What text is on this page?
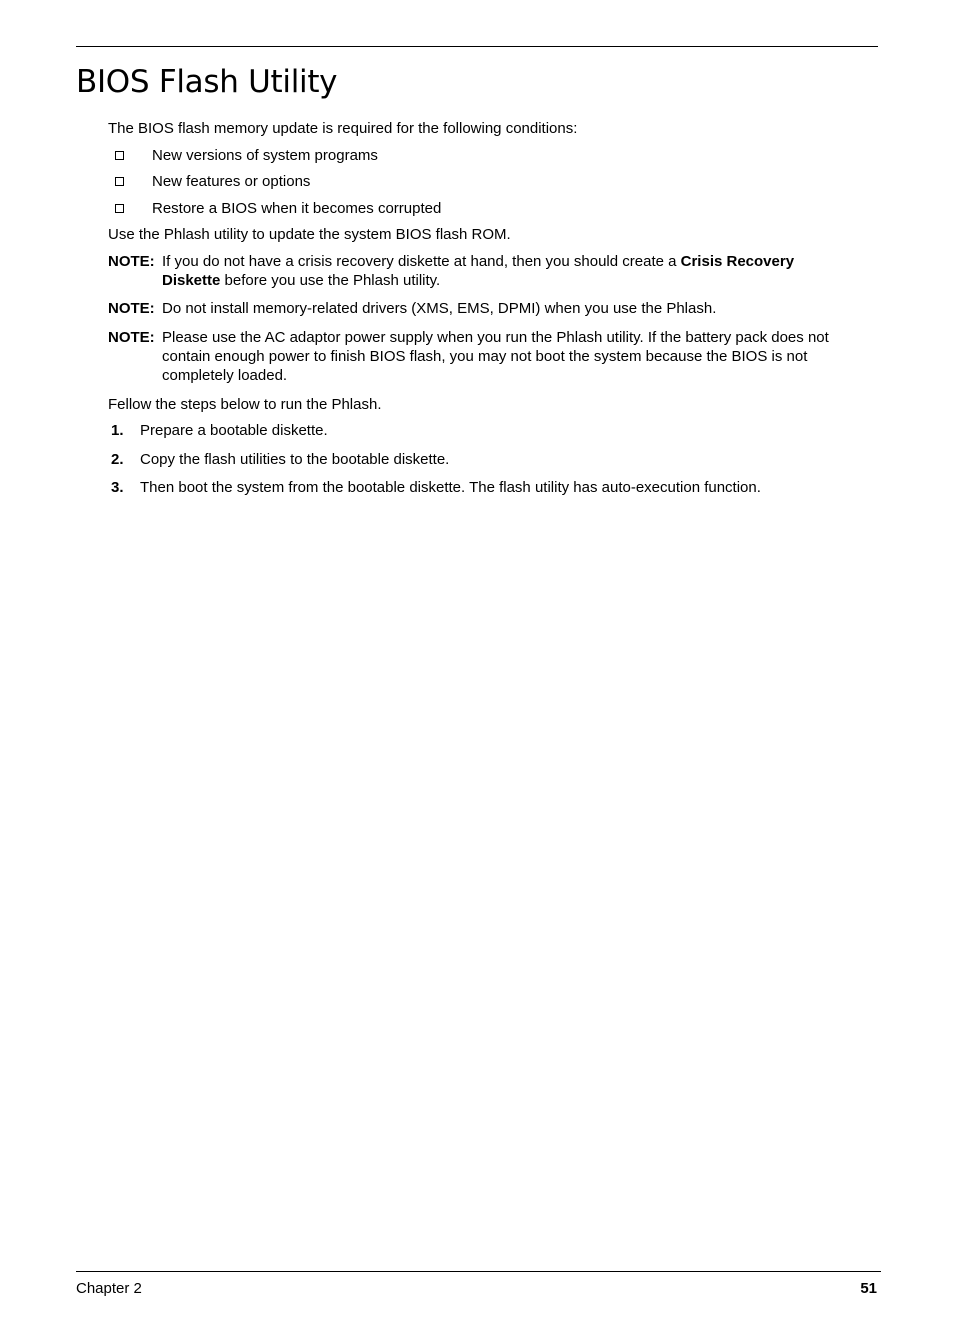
BIOS Flash Utility
The BIOS flash memory update is required for the following conditions:
New versions of system programs
New features or options
Restore a BIOS when it becomes corrupted
Use the Phlash utility to update the system BIOS flash ROM.
NOTE: If you do not have a crisis recovery diskette at hand, then you should create a Crisis Recovery
Diskette before you use the Phlash utility.
NOTE: Do not install memory-related drivers (XMS, EMS, DPMI) when you use the Phlash.
NOTE: Please use the AC adaptor power supply when you run the Phlash utility. If the battery pack does not
contain enough power to finish BIOS flash, you may not boot the system because the BIOS is not
completely loaded.
Fellow the steps below to run the Phlash.
1. Prepare a bootable diskette.
2. Copy the flash utilities to the bootable diskette.
3. Then boot the system from the bootable diskette. The flash utility has auto-execution function.
Chapter 2	51
